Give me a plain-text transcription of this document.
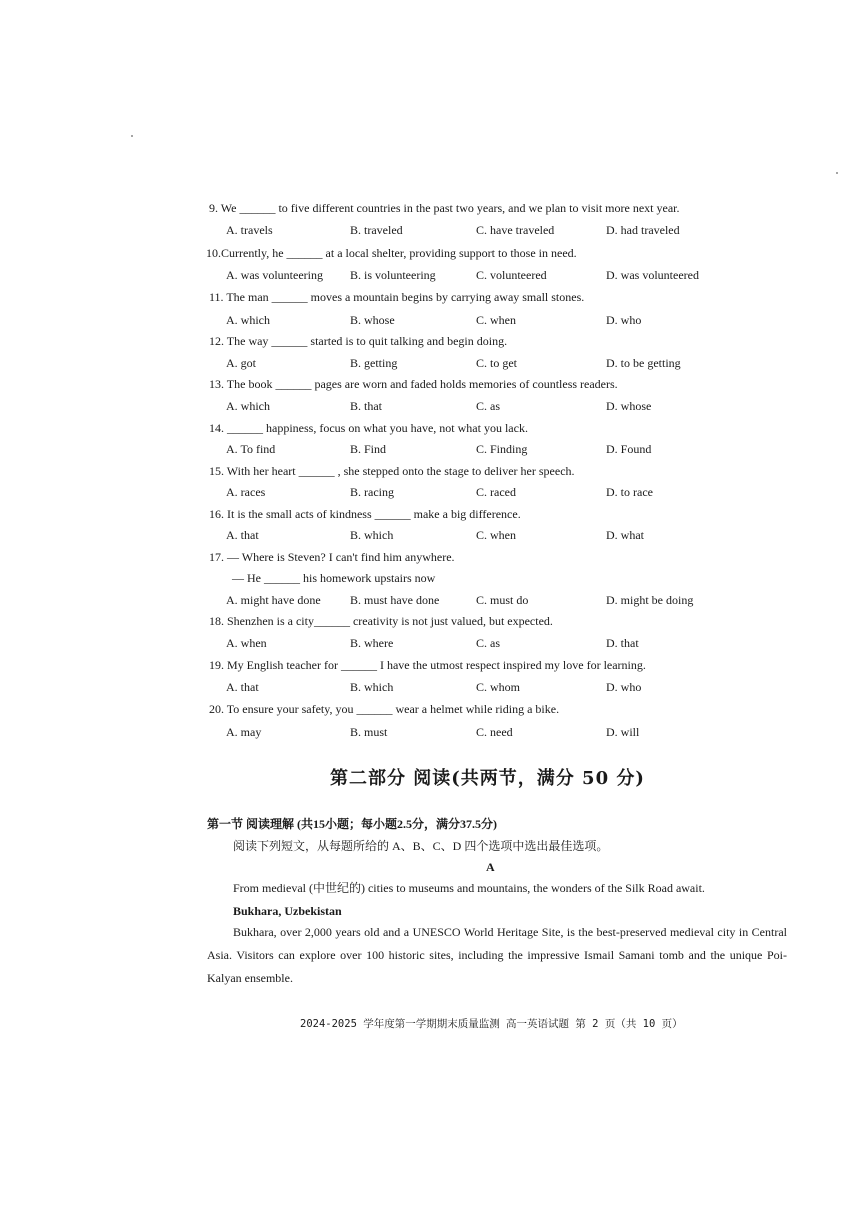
9. We ______ to five different countries in the past two years, and we plan to visit more next year.
A. travels	B. traveled	C. have traveled	D. had traveled
10.Currently, he ______ at a local shelter, providing support to those in need.
A. was volunteering B. is volunteering	C. volunteered	D. was volunteered
11. The man ______ moves a mountain begins by carrying away small stones.
A. which	B. whose	C. when	D. who
12. The way ______ started is to quit talking and begin doing.
A. got	B. getting	C. to get	D. to be getting
13. The book ______ pages are worn and faded holds memories of countless readers.
A. which	B. that	C. as	D. whose
14. ______ happiness, focus on what you have, not what you lack.
A. To find	B. Find	C. Finding	D. Found
15. With her heart ______ , she stepped onto the stage to deliver her speech.
A. races	B. racing	C. raced	D. to race
16. It is the small acts of kindness ______ make a big difference.
A. that	B. which	C. when	D. what
17. — Where is Steven? I can't find him anywhere.
— He ______ his homework upstairs now
A. might have done B. must have done	C. must do	D. might be doing
18. Shenzhen is a city______ creativity is not just valued, but expected.
A. when	B. where	C. as	D. that
19. My English teacher for ______ I have the utmost respect inspired my love for learning.
A. that	B. which	C. whom	D. who
20. To ensure your safety, you ______ wear a helmet while riding a bike.
A. may	B. must	C. need	D. will
第二部分 阅读(共两节，满分 50 分)
第一节 阅读理解 (共15小题；每小题2.5分，满分37.5分)
阅读下列短文，从每题所给的 A、B、C、D 四个选项中选出最佳选项。
A
From medieval (中世纪的) cities to museums and mountains, the wonders of the Silk Road await.
Bukhara, Uzbekistan
Bukhara, over 2,000 years old and a UNESCO World Heritage Site, is the best-preserved medieval city in Central Asia. Visitors can explore over 100 historic sites, including the impressive Ismail Samani tomb and the unique Poi-Kalyan ensemble.
2024-2025 学年度第一学期期末质量监测 高一英语试题 第 2 页（共 10 页）
